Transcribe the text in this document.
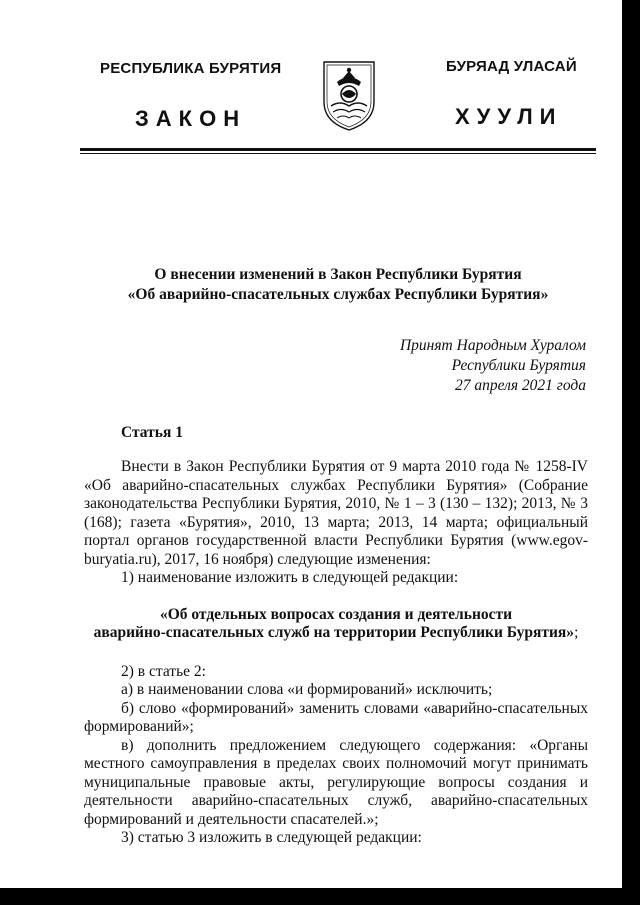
РЕСПУБЛИКА БУРЯТИЯ	БУРЯАД УЛАСАЙ
ЗАКОН	ХУУЛИ
О внесении изменений в Закон Республики Бурятия
«Об аварийно-спасательных службах Республики Бурятия»
Принят Народным Хуралом
Республики Бурятия
27 апреля 2021 года
Статья 1

Внести в Закон Республики Бурятия от 9 марта 2010 года № 1258-IV «Об аварийно-спасательных службах Республики Бурятия» (Собрание законодательства Республики Бурятия, 2010, № 1 – 3 (130 – 132); 2013, № 3 (168); газета «Бурятия», 2010, 13 марта; 2013, 14 марта; официальный портал органов государственной власти Республики Бурятия (www.egov-buryatia.ru), 2017, 16 ноября) следующие изменения:

1) наименование изложить в следующей редакции:

«Об отдельных вопросах создания и деятельности
аварийно-спасательных служб на территории Республики Бурятия»;

2) в статье 2:

а) в наименовании слова «и формирований» исключить;

б) слово «формирований» заменить словами «аварийно-спасательных формирований»;

в) дополнить предложением следующего содержания: «Органы местного самоуправления в пределах своих полномочий могут принимать муниципальные правовые акты, регулирующие вопросы создания и деятельности аварийно-спасательных служб, аварийно-спасательных формирований и деятельности спасателей.»;

3) статью 3 изложить в следующей редакции:
